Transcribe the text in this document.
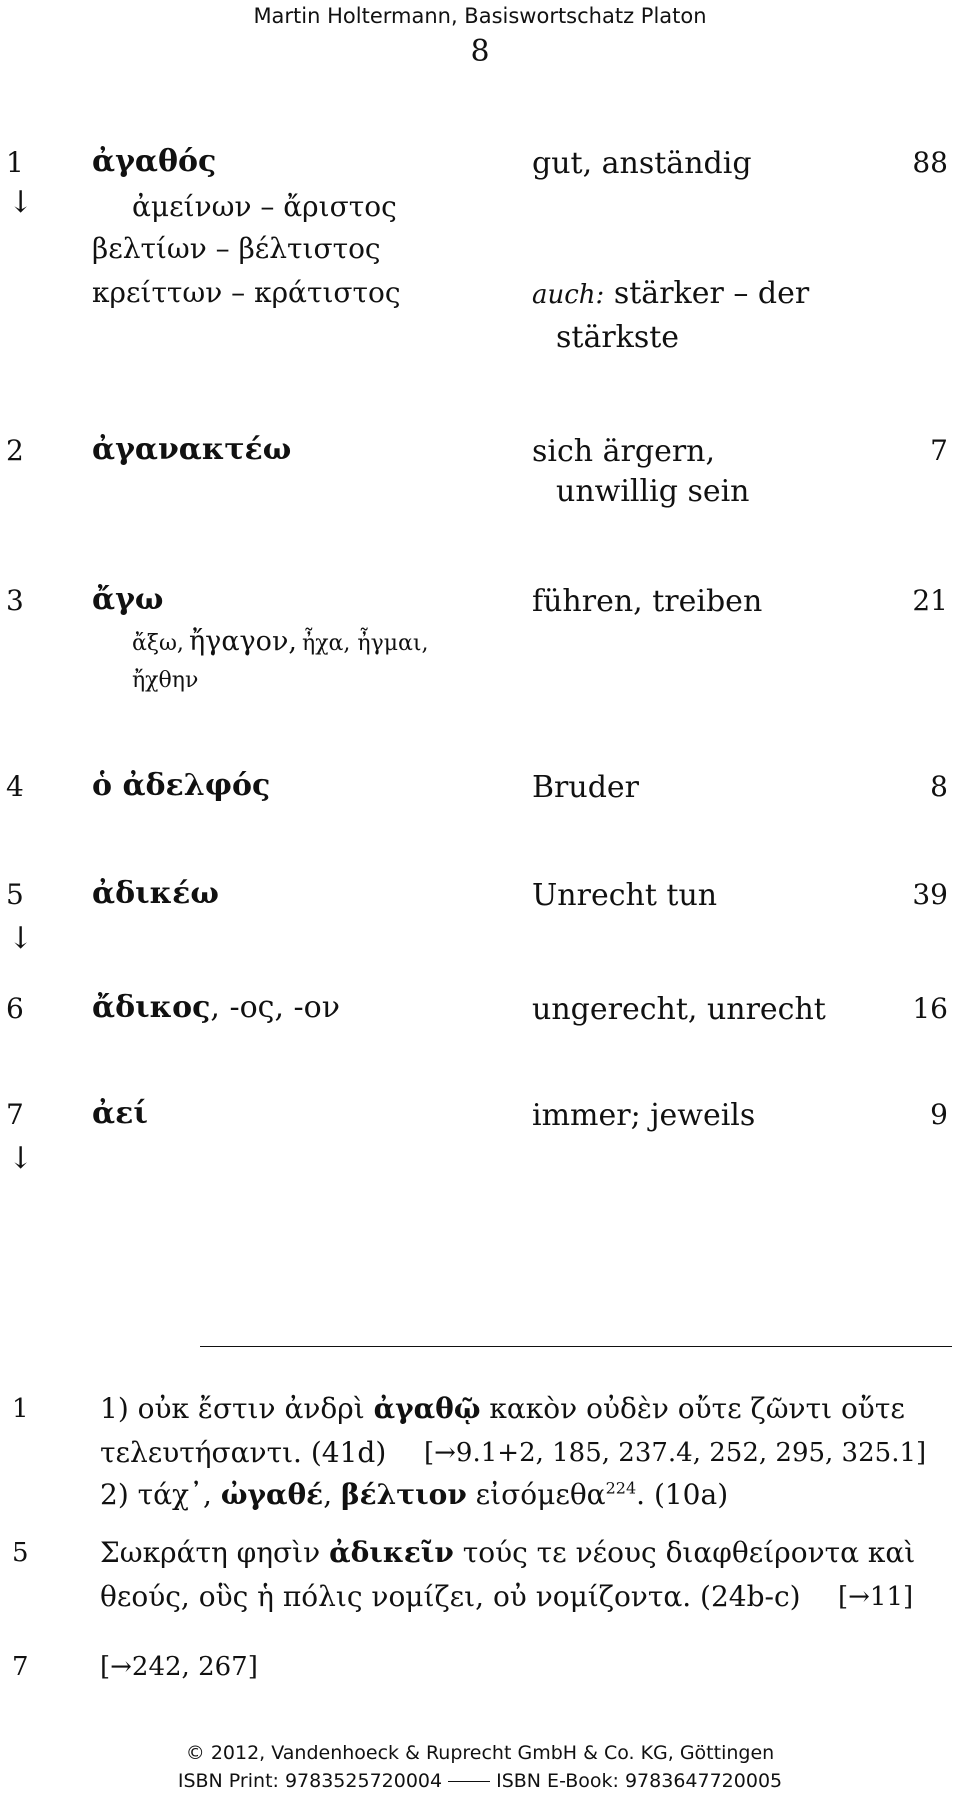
Martin Holtermann, Basiswortschatz Platon
8
1 ἀγαθός	gut, anständig	88
↓	ἀμείνων – ἄριστος
βελτίων – βέλτιστος
κρείττων – κράτιστος	auch: stärker – der
stärkste
2 ἀγανακτέω	sich ärgern,	7
unwillig sein
3 ἄγω	führen, treiben	21
ἄξω, ἤγαγον, ἦχα, ἦγμαι,
ἤχθην
4 ὁ ἀδελφός	Bruder	8
5 ἀδικέω	Unrecht tun	39
↓
6 ἄδικος, -ος, -ον	ungerecht, unrecht	16
7 ἀεί	immer; jeweils	9
↓
1	1) οὐκ ἔστιν ἀνδρὶ ἀγαθῷ κακὸν οὐδὲν οὔτε ζῶντι οὔτε
τελευτήσαντι. (41d) [→9.1+2, 185, 237.4, 252, 295, 325.1]
2) τάχ᾽, ὠγαθέ, βέλτιον εἰσόμεθα$^{224}$. (10a)
5	Σωκράτη φησὶν ἀδικεῖν τούς τε νέους διαφθείροντα καὶ
θεούς, οὓς ἡ πόλις νομίζει, οὐ νομίζοντα. (24b-c) [→11]
7	[→242, 267]
© 2012, Vandenhoeck & Ruprecht GmbH & Co. KG, Göttingen
ISBN Print: 9783525720004	ISBN E-Book: 9783647720005
